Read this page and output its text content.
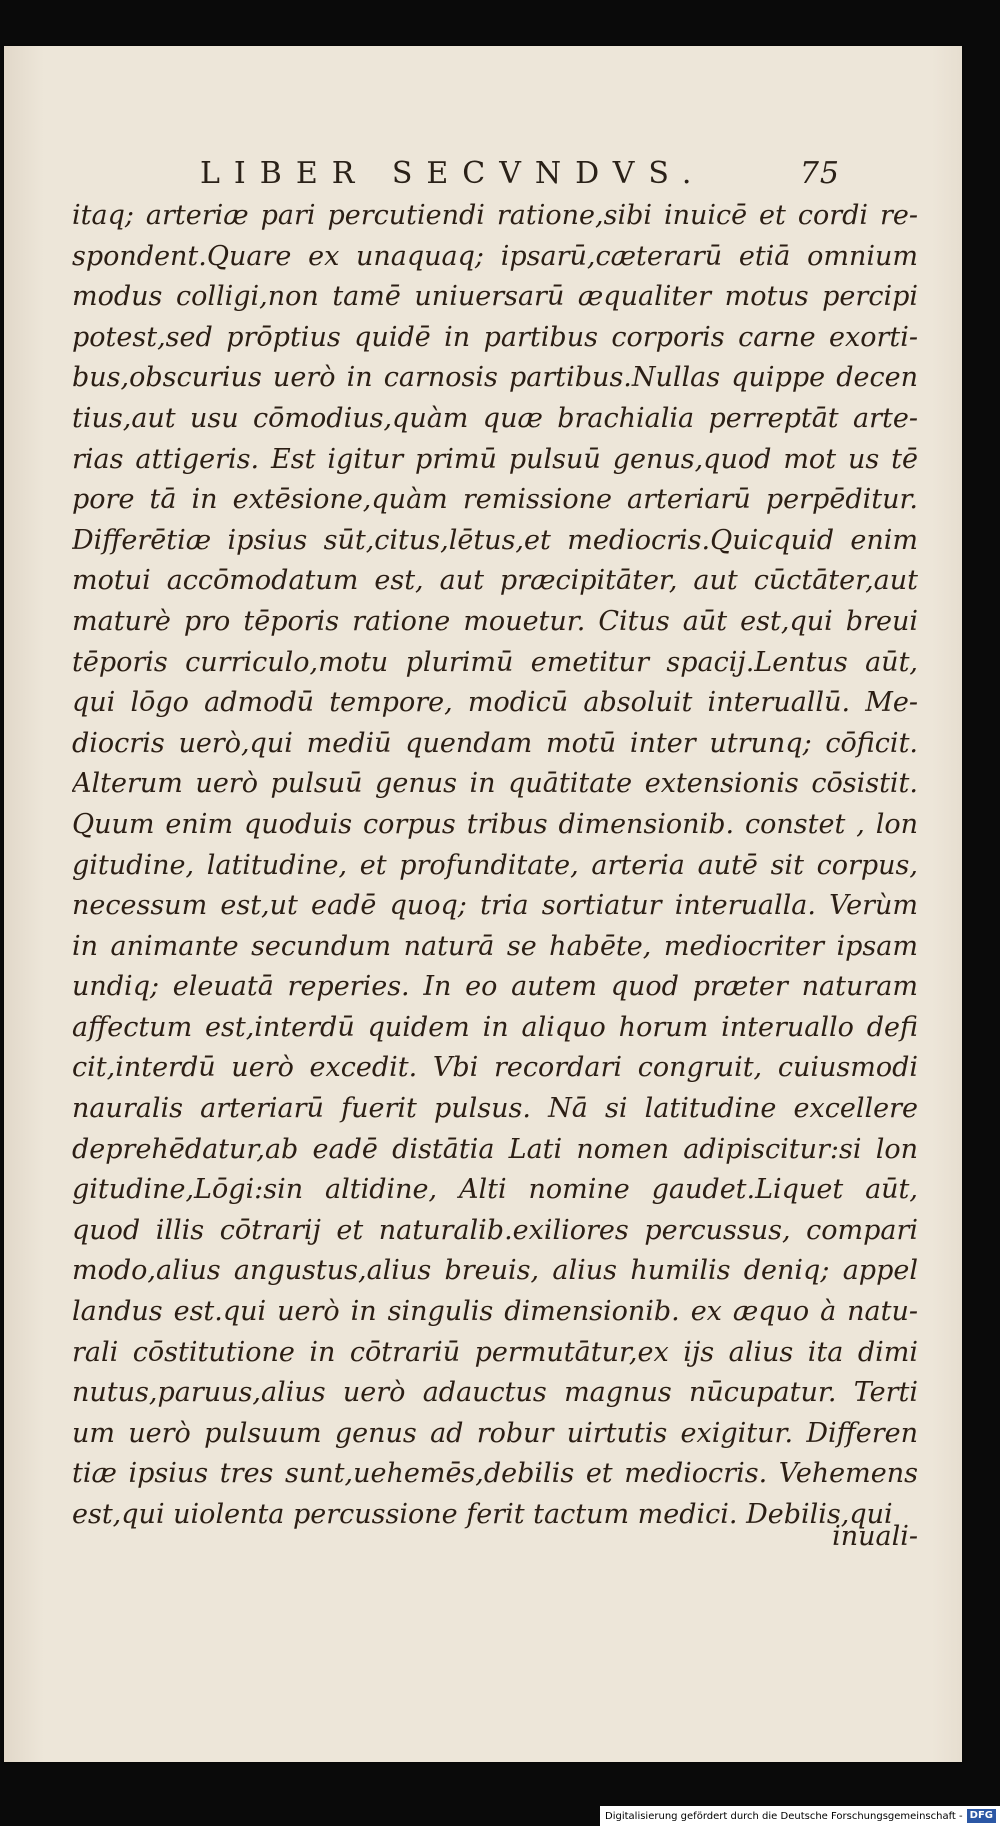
LIBER SECVNDVS.	75
itaq; arteriæ pari percutiendi ratione,sibi inuicē et cordi re-
spondent.Quare ex unaquaq; ipsarū,cæterarū etiā omnium
modus colligi,non tamē uniuersarū æqualiter motus percipi
potest,sed prōptius quidē in partibus corporis carne exorti-
bus,obscurius uerò in carnosis partibus.Nullas quippe decen
tius,aut usu cōmodius,quàm quæ brachialia perreptāt arte-
rias attigeris. Est igitur primū pulsuū genus,quod mot us tē
pore tā in extēsione,quàm remissione arteriarū perpēditur.
Differētiæ ipsius sūt,citus,lētus,et mediocris.Quicquid enim
motui accōmodatum est, aut præcipitāter, aut cūctāter,aut
maturè pro tēporis ratione mouetur. Citus aūt est,qui breui
tēporis curriculo,motu plurimū emetitur spacij.Lentus aūt,
qui lōgo admodū tempore, modicū absoluit interuallū. Me-
diocris uerò,qui mediū quendam motū inter utrunq; cōficit.
Alterum uerò pulsuū genus in quātitate extensionis cōsistit.
Quum enim quoduis corpus tribus dimensionib. constet , lon
gitudine, latitudine, et profunditate, arteria autē sit corpus,
necessum est,ut eadē quoq; tria sortiatur interualla. Verùm
in animante secundum naturā se habēte, mediocriter ipsam
undiq; eleuatā reperies. In eo autem quod præter naturam
affectum est,interdū quidem in aliquo horum interuallo defi
cit,interdū uerò excedit. Vbi recordari congruit, cuiusmodi
nauralis arteriarū fuerit pulsus. Nā si latitudine excellere
deprehēdatur,ab eadē distātia Lati nomen adipiscitur:si lon
gitudine,Lōgi:sin altidine, Alti nomine gaudet.Liquet aūt,
quod illis cōtrarij et naturalib.exiliores percussus, compari
modo,alius angustus,alius breuis, alius humilis deniq; appel
landus est.qui uerò in singulis dimensionib. ex æquo à natu-
rali cōstitutione in cōtrariū permutātur,ex ijs alius ita dimi
nutus,paruus,alius uerò adauctus magnus nūcupatur. Terti
um uerò pulsuum genus ad robur uirtutis exigitur. Differen
tiæ ipsius tres sunt,uehemēs,debilis et mediocris. Vehemens
est,qui uiolenta percussione ferit tactum medici. Debilis,qui
inuali-
Digitalisierung gefördert durch die Deutsche Forschungsgemeinschaft - DFG
